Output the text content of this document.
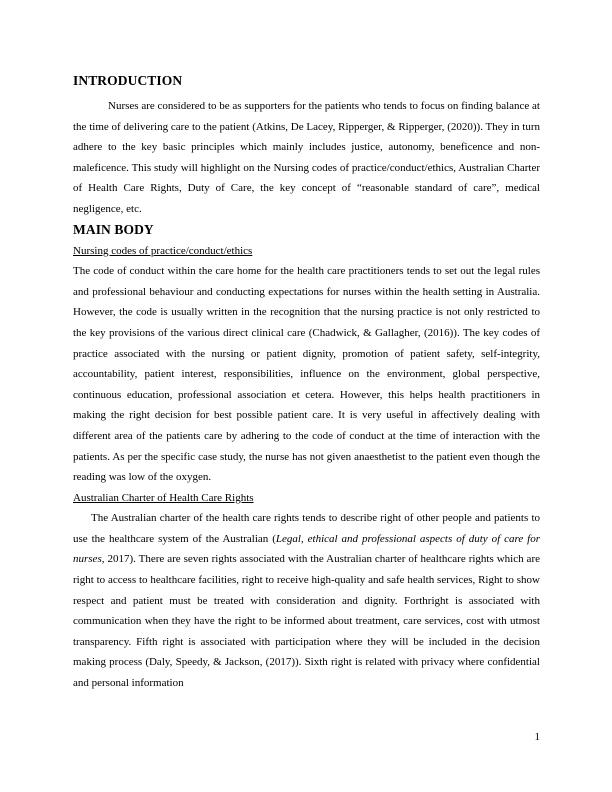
INTRODUCTION

Nurses are considered to be as supporters for the patients who tends to focus on finding balance at the time of delivering care to the patient (Atkins, De Lacey, Ripperger, & Ripperger, (2020)). They in turn adhere to the key basic principles which mainly includes justice, autonomy, beneficence and non- maleficence. This study will highlight on the Nursing codes of practice/conduct/ethics, Australian Charter of Health Care Rights, Duty of Care, the key concept of “reasonable standard of care”, medical negligence, etc.

MAIN BODY

Nursing codes of practice/conduct/ethics

The code of conduct within the care home for the health care practitioners tends to set out the legal rules and professional behaviour and conducting expectations for nurses within the health setting in Australia. However, the code is usually written in the recognition that the nursing practice is not only restricted to the key provisions of the various direct clinical care (Chadwick, & Gallagher, (2016)). The key codes of practice associated with the nursing or patient dignity, promotion of patient safety, self-integrity, accountability, patient interest, responsibilities, influence on the environment, global perspective, continuous education, professional association et cetera. However, this helps health practitioners in making the right decision for best possible patient care. It is very useful in affectively dealing with different area of the patients care by adhering to the code of conduct at the time of interaction with the patients. As per the specific case study, the nurse has not given anaesthetist to the patient even though the reading was low of the oxygen.

Australian Charter of Health Care Rights

The Australian charter of the health care rights tends to describe right of other people and patients to use the healthcare system of the Australian (Legal, ethical and professional aspects of duty of care for nurses, 2017). There are seven rights associated with the Australian charter of healthcare rights which are right to access to healthcare facilities, right to receive high-quality and safe health services, Right to show respect and patient must be treated with consideration and dignity. Forthright is associated with communication when they have the right to be informed about treatment, care services, cost with utmost transparency. Fifth right is associated with participation where they will be included in the decision making process (Daly, Speedy, & Jackson, (2017)). Sixth right is related with privacy where confidential and personal information

1
